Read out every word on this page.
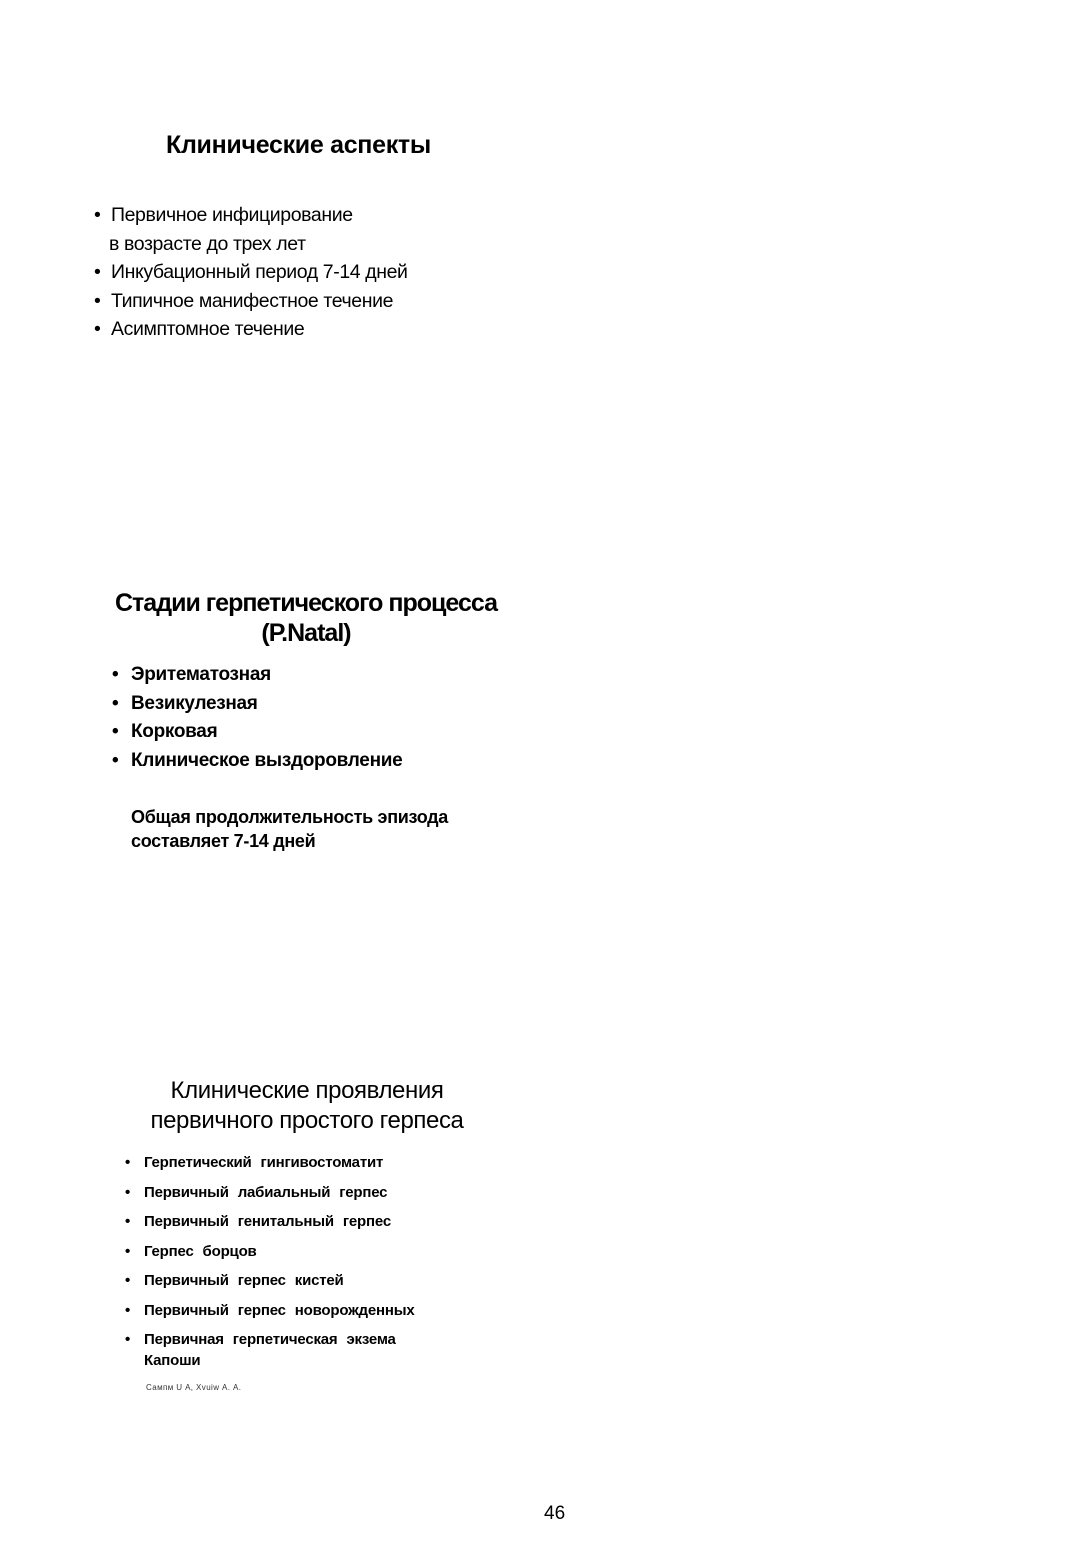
Клинические аспекты
• Первичное инфицирование
в возрасте до трех лет
• Инкубационный период 7-14 дней
• Типичное манифестное течение
• Асимптомное течение
Стадии герпетического процесса
(P.Natal)
• Эритематозная
• Везикулезная
• Корковая
• Клиническое выздоровление
Общая продолжительность эпизода
составляет 7-14 дней
Клинические проявления
первичного простого герпеса
• Герпетический гингивостоматит
• Первичный лабиальный герпес
• Первичный генитальный герпес
• Герпес борцов
• Первичный герпес кистей
• Первичный герпес новорожденных
• Первичная герпетическая экзема Капоши
Сампм U А, Xvuiw А. А.
46
